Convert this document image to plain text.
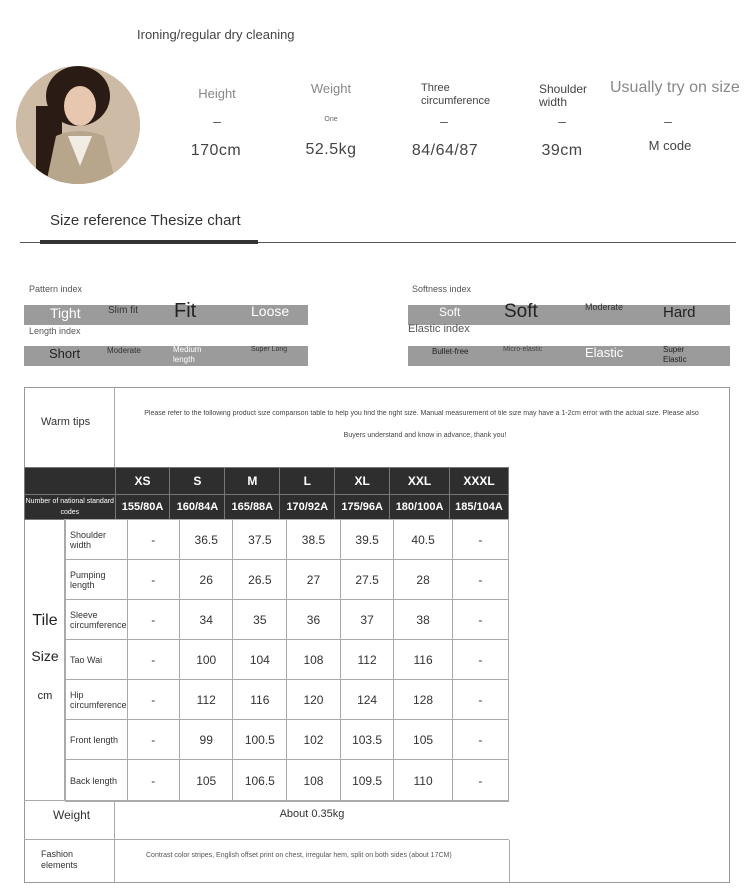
Ironing/regular dry cleaning
Height
–
170cm
Weight
One
52.5kg
Three circumference
–
84/64/87
Shoulder width
–
39cm
Usually try on size
–
M code
Size reference Thesize chart
Pattern index
Tight	Slim fit Fit	Loose
Length index
Short	Moderate	Medium length
Super Long
Softness index
Soft Soft	Moderate	Hard
Elastic index
Bullet-free	Micro-elastic	Elastic	Super Elastic
Warm tips
Please refer to the following product size comparison table to help you find the right size. Manual measurement of tile size may have a 1-2cm error with the actual size. Please also
Buyers understand and know in advance, thank you!
	XS	S	M	L	XL	XXL	XXXL
Number of national standard codes	155/80A	160/84A	165/88A	170/92A	175/96A	180/100A	185/104A
Tile
Size
cm
Shoulder width	-	36.5	37.5	38.5	39.5	40.5	-
Pumping length	-	26	26.5	27	27.5	28	-
Sleeve circumference	-	34	35	36	37	38	-
Tao Wai	-	100	104	108	112	116	-
Hip circumference	-	112	116	120	124	128	-
Front length	-	99	100.5	102	103.5	105	-
Back length	-	105	106.5	108	109.5	110	-
Weight	About 0.35kg
Fashion elements
Contrast color stripes, English offset print on chest, irregular hem, split on both sides (about 17CM)
